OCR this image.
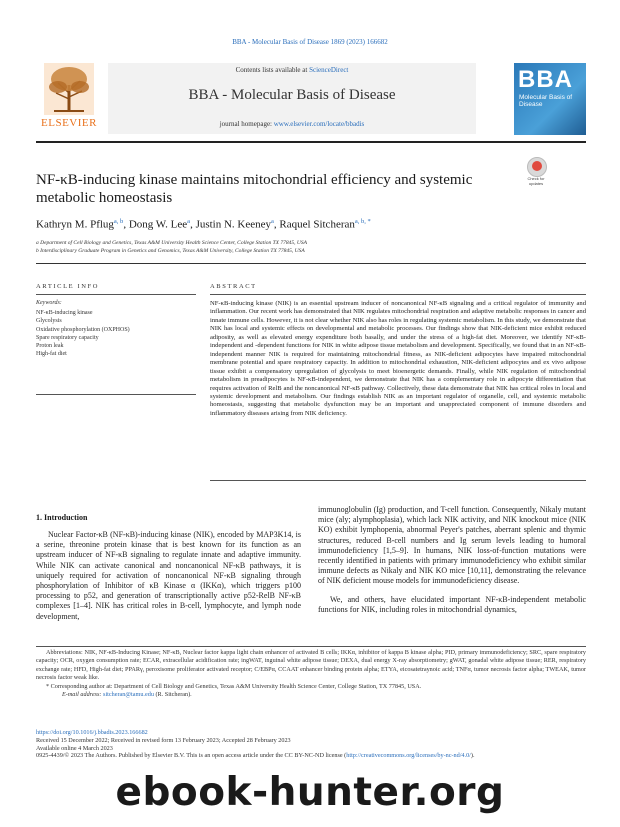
BBA - Molecular Basis of Disease 1869 (2023) 166682
ELSEVIER
Contents lists available at ScienceDirect
BBA - Molecular Basis of Disease
journal homepage: www.elsevier.com/locate/bbadis
BBA
Molecular Basis of Disease
NF-κB-inducing kinase maintains mitochondrial efficiency and systemic metabolic homeostasis
Check for updates
Kathryn M. Pflug$^{a, b}$, Dong W. Lee$^a$, Justin N. Keeney$^a$, Raquel Sitcheran$^{a, b, *}$
a Department of Cell Biology and Genetics, Texas A&M University Health Science Center, College Station TX 77845, USA
b Interdisciplinary Graduate Program in Genetics and Genomics, Texas A&M University, College Station TX 77845, USA
ARTICLE INFO
Keywords:
NF-κB-inducing kinase
Glycolysis
Oxidative phosphorylation (OXPHOS)
Spare respiratory capacity
Proton leak
High-fat diet
ABSTRACT
NF-κB-inducing kinase (NIK) is an essential upstream inducer of noncanonical NF-κB signaling and a critical regulator of immunity and inflammation. Our recent work has demonstrated that NIK regulates mitochondrial respiration and adaptive metabolic responses in cancer and innate immune cells. However, it is not clear whether NIK also has roles in regulating systemic metabolism. In this study, we demonstrate that NIK has local and systemic effects on developmental and metabolic processes. Our findings show that NIK-deficient mice exhibit reduced adiposity, as well as elevated energy expenditure both basally, and under the stress of a high-fat diet. Moreover, we identify NF-κB-independent and -dependent functions for NIK in white adipose tissue metabolism and development. Specifically, we found that in an NF-κB-independent manner NIK is required for maintaining mitochondrial fitness, as NIK-deficient adipocytes have impaired mitochondrial membrane potential and spare respiratory capacity. In addition to mitochondrial exhaustion, NIK-deficient adipocytes and ex vivo adipose tissue exhibit a compensatory upregulation of glycolysis to meet bioenergetic demands. Finally, while NIK regulation of mitochondrial metabolism in preadipocytes is NF-κB-independent, we demonstrate that NIK has a complementary role in adipocyte differentiation that requires activation of RelB and the noncanonical NF-κB pathway. Collectively, these data demonstrate that NIK has critical roles in local and systemic development and metabolism. Our findings establish NIK as an important regulator of organelle, cell, and systemic metabolic homeostasis, suggesting that metabolic dysfunction may be an important and unappreciated component of immune disorders and inflammatory diseases arising from NIK deficiency.
1. Introduction
Nuclear Factor-κB (NF-κB)-inducing kinase (NIK), encoded by MAP3K14, is a serine, threonine protein kinase that is best known for its function as an upstream inducer of NF-κB signaling to regulate innate and adaptive immunity. While NIK can activate canonical and noncanonical NF-κB pathways, it is uniquely required for activation of noncanonical NF-κB signaling through phosphorylation of Inhibitor of κB Kinase α (IKKα), which triggers p100 processing to p52, and generation of transcriptionally active p52-RelB NF-κB complexes [1–4]. NIK has critical roles in B-cell, lymphocyte, and lymph node development,
immunoglobulin (Ig) production, and T-cell function. Consequently, Nikaly mutant mice (aly; alymphoplasia), which lack NIK activity, and NIK knockout mice (NIK KO) exhibit lymphopenia, abnormal Peyer's patches, aberrant splenic and thymic structures, reduced B-cell numbers and Ig serum levels leading to humoral immunodeficiency [1,5–9]. In humans, NIK loss-of-function mutations were recently identified in patients with primary immunodeficiency who exhibit similar immune defects as Nikaly and NIK KO mice [10,11], demonstrating the relevance of NIK deficient mouse models for immunodeficiency disease.
We, and others, have elucidated important NF-κB-independent metabolic functions for NIK, including roles in mitochondrial dynamics,

Abbreviations: NIK, NF-κB-Inducing Kinase; NF-κB, Nuclear factor kappa light chain enhancer of activated B cells; IKKα, inhibitor of kappa B kinase alpha; PID, primary immunodeficiency; SRC, spare respiratory capacity; OCR, oxygen consumption rate; ECAR, extracellular acidification rate; ingWAT, inguinal white adipose tissue; DEXA, dual energy X-ray absorptiometry; gWAT, gonadal white adipose tissue; RER, respiratory exchange rate; HFD, High-fat diet; PPARγ, peroxisome proliferator activated receptor; C/EBPα, CCAAT enhancer binding protein alpha; ETYA, eicosatetraynoic acid; TNFα, tumor necrosis factor alpha; TWEAK, tumor necrosis factor weak like.

* Corresponding author at: Department of Cell Biology and Genetics, Texas A&M University Health Science Center, College Station, TX 77845, USA.

E-mail address: sitcheran@tamu.edu (R. Sitcheran).

https://doi.org/10.1016/j.bbadis.2023.166682
Received 15 December 2022; Received in revised form 13 February 2023; Accepted 28 February 2023
Available online 4 March 2023
0925-4439/© 2023 The Authors. Published by Elsevier B.V. This is an open access article under the CC BY-NC-ND license (http://creativecommons.org/licenses/by-nc-nd/4.0/).
ebook-hunter.org
